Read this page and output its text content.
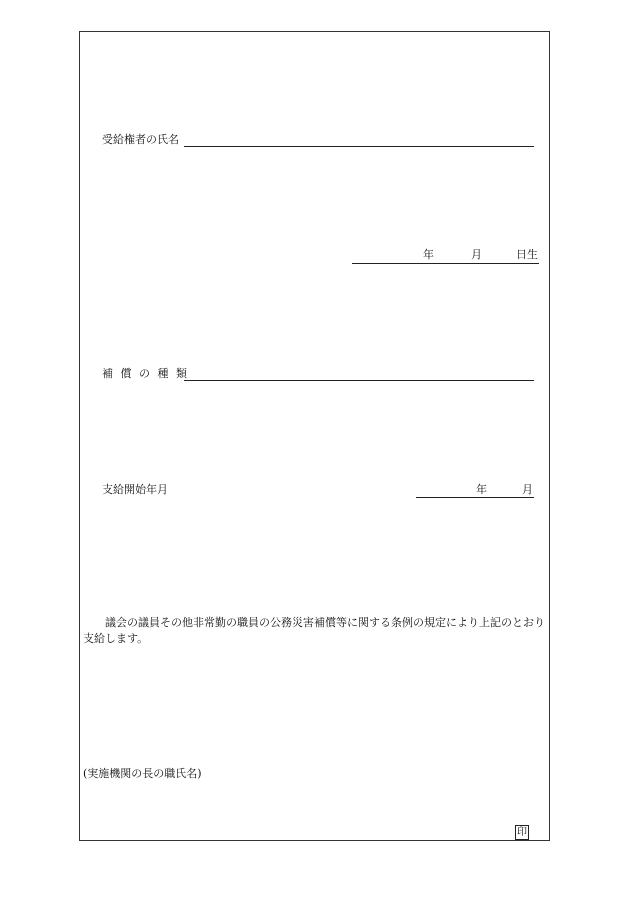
受給権者の氏名
年	月	日生
補 償 の 種 類
支給開始年月	年	月

議会の議員その他非常勤の職員の公務災害補償等に関する条例の規定により上記のとおり支給します。

(実施機関の長の職氏名)
印
